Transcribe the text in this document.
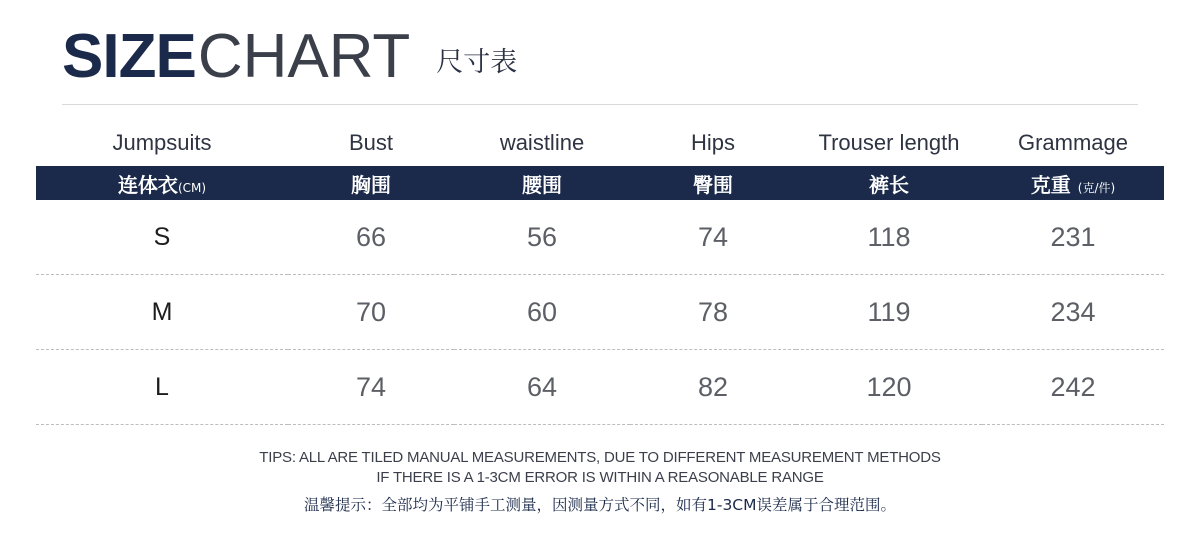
SIZE CHART 尺寸表
Jumpsuits	Bust	waistline	Hips	Trouser length	Grammage
连体衣(CM)	胸围	腰围	臀围	裤长	克重 (克/件)
S	66	56	74	118	231
M	70	60	78	119	234
L	74	64	82	120	242
TIPS: ALL ARE TILED MANUAL MEASUREMENTS, DUE TO DIFFERENT MEASUREMENT METHODS
IF THERE IS A 1-3CM ERROR IS WITHIN A REASONABLE RANGE
温馨提示：全部均为平铺手工测量，因测量方式不同，如有1-3CM误差属于合理范围。
